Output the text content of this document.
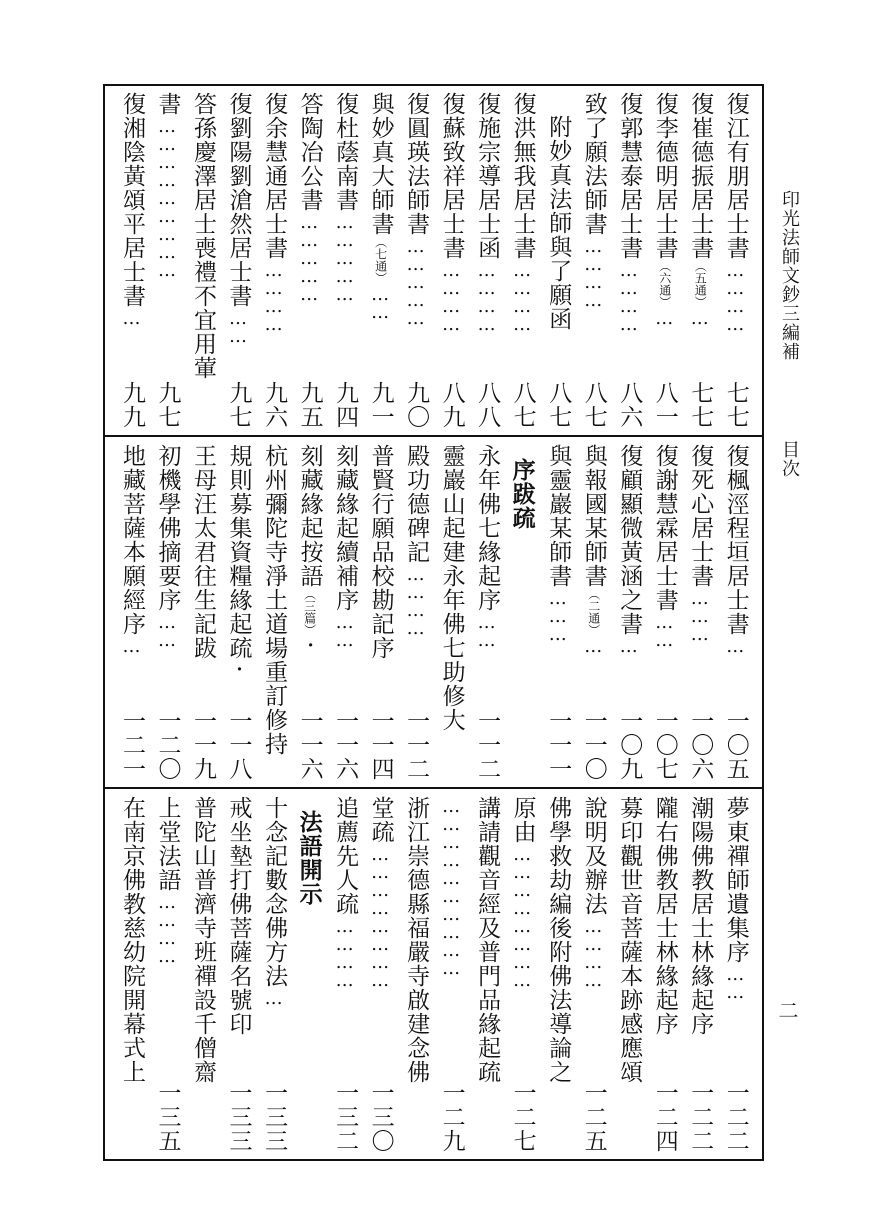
復江有朋居士書
…………
七七
復崔德振居士書
（五通）
…
七七
復李德明居士書
（六通）
…
八一
復郭慧泰居士書
…………
八六
致了願法師書
…………
八七
附妙真法師與了願函
八七
復洪無我居士書
…………
八七
復施宗導居士函
…………
八八
復蘇致祥居士書
…………
八九
復圓瑛法師書
……………
九〇
與妙真大師書
（七通）
……
九一
復杜蔭南書
……………
九四
答陶冶公書
……………
九五
復余慧通居士書
…………
九六
復劉陽劉滄然居士書
……
九七
答孫慶澤居士喪禮不宜用葷
書
………………………
九七
復湘陰黃頌平居士書
…
九九
復楓涇程垣居士書
…
一〇五
復死心居士書
………
一〇六
復謝慧霖居士書
……
一〇七
復顧顯微黃涵之書
…
一〇九
與報國某師書
（二通）
…
一一〇
與靈巖某師書
………
一一一
序跋疏
永年佛七緣起序
……
一一二
靈巖山起建永年佛七助修大
殿功德碑記
…………
一一二
普賢行願品校勘記序
一一四
刻藏緣起續補序
……
一一六
刻藏緣起按語
（三篇）
・
一一六
杭州彌陀寺淨土道場重訂修持
規則募集資糧緣起疏
・
一一八
王母汪太君往生記跋
一一九
初機學佛摘要序
……
一二〇
地藏菩薩本願經序
…
一二一
夢東禪師遺集序
……
一二二
潮陽佛教居士林緣起序
一二二
隴右佛教居士林緣起序
一二四
募印觀世音菩薩本跡感應頌
說明及辦法
…………
一二五
佛學救劫編後附佛法導論之
原由
……………………
一二七
講請觀音經及普門品緣起疏
…………………………
一二九
浙江崇德縣福嚴寺啟建念佛
堂疏
……………………
一三〇
追薦先人疏
…………
一三二
法語開示
十念記數念佛方法
…
一三三
戒坐墊打佛菩薩名號印
一三三
普陀山普濟寺班禪設千僧齋
上堂法語
…………
一三五
在南京佛教慈幼院開幕式上
印光法師文鈔三編補
目次
二
